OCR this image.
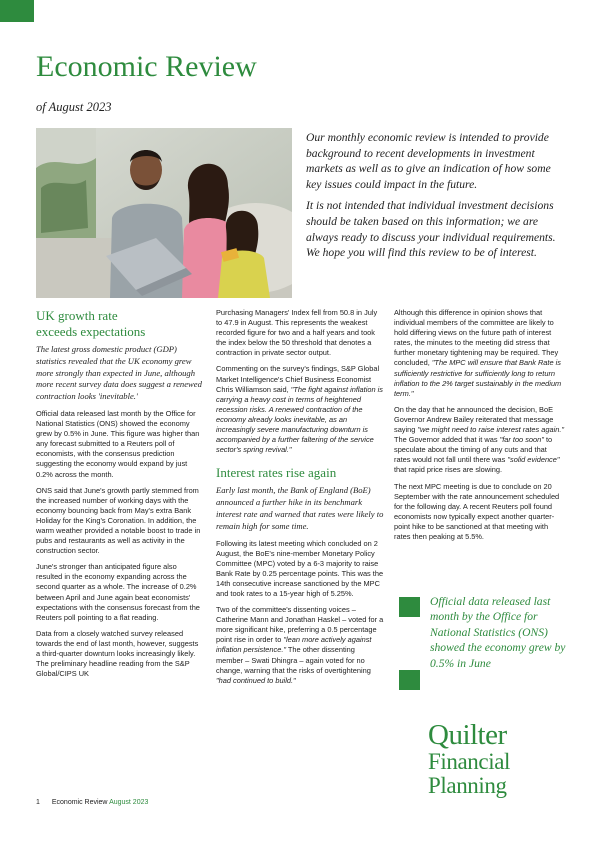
Economic Review
of August 2023

Our monthly economic review is intended to provide background to recent developments in investment markets as well as to give an indication of how some key issues could impact in the future.

It is not intended that individual investment decisions should be taken based on this information; we are always ready to discuss your individual requirements. We hope you will find this review to be of interest.

UK growth rate
exceeds expectations

The latest gross domestic product (GDP) statistics revealed that the UK economy grew more strongly than expected in June, although more recent survey data does suggest a renewed contraction looks 'inevitable.'

Official data released last month by the Office for National Statistics (ONS) showed the economy grew by 0.5% in June. This figure was higher than any forecast submitted to a Reuters poll of economists, with the consensus prediction suggesting the economy would expand by just 0.2% across the month.

ONS said that June's growth partly stemmed from the increased number of working days with the economy bouncing back from May's extra Bank Holiday for the King's Coronation. In addition, the warm weather provided a notable boost to trade in pubs and restaurants as well as activity in the construction sector.

June's stronger than anticipated figure also resulted in the economy expanding across the second quarter as a whole. The increase of 0.2% between April and June again beat economists' expectations with the consensus forecast from the Reuters poll pointing to a flat reading.

Data from a closely watched survey released towards the end of last month, however, suggests a third-quarter downturn looks increasingly likely. The preliminary headline reading from the S&P Global/CIPS UK

Purchasing Managers' Index fell from 50.8 in July to 47.9 in August. This represents the weakest recorded figure for two and a half years and took the index below the 50 threshold that denotes a contraction in private sector output.

Commenting on the survey's findings, S&P Global Market Intelligence's Chief Business Economist Chris Williamson said, "The fight against inflation is carrying a heavy cost in terms of heightened recession risks. A renewed contraction of the economy already looks inevitable, as an increasingly severe manufacturing downturn is accompanied by a further faltering of the service sector's spring revival."

Interest rates rise again

Early last month, the Bank of England (BoE) announced a further hike in its benchmark interest rate and warned that rates were likely to remain high for some time.

Following its latest meeting which concluded on 2 August, the BoE's nine-member Monetary Policy Committee (MPC) voted by a 6-3 majority to raise Bank Rate by 0.25 percentage points. This was the 14th consecutive increase sanctioned by the MPC and took rates to a 15-year high of 5.25%.

Two of the committee's dissenting voices – Catherine Mann and Jonathan Haskel – voted for a more significant hike, preferring a 0.5 percentage point rise in order to "lean more actively against inflation persistence." The other dissenting member – Swati Dhingra – again voted for no change, warning that the risks of overtightening "had continued to build."

Although this difference in opinion shows that individual members of the committee are likely to hold differing views on the future path of interest rates, the minutes to the meeting did stress that further monetary tightening may be required. They concluded, "The MPC will ensure that Bank Rate is sufficiently restrictive for sufficiently long to return inflation to the 2% target sustainably in the medium term."

On the day that he announced the decision, BoE Governor Andrew Bailey reiterated that message saying "we might need to raise interest rates again." The Governor added that it was "far too soon" to speculate about the timing of any cuts and that rates would not fall until there was "solid evidence" that rapid price rises are slowing.

The next MPC meeting is due to conclude on 20 September with the rate announcement scheduled for the following day. A recent Reuters poll found economists now typically expect another quarter-point hike to be sanctioned at that meeting with rates then peaking at 5.5%.

Official data released last month by the Office for National Statistics (ONS) showed the economy grew by 0.5% in June
Quilter
Financial
Planning
1 Economic Review August 2023
